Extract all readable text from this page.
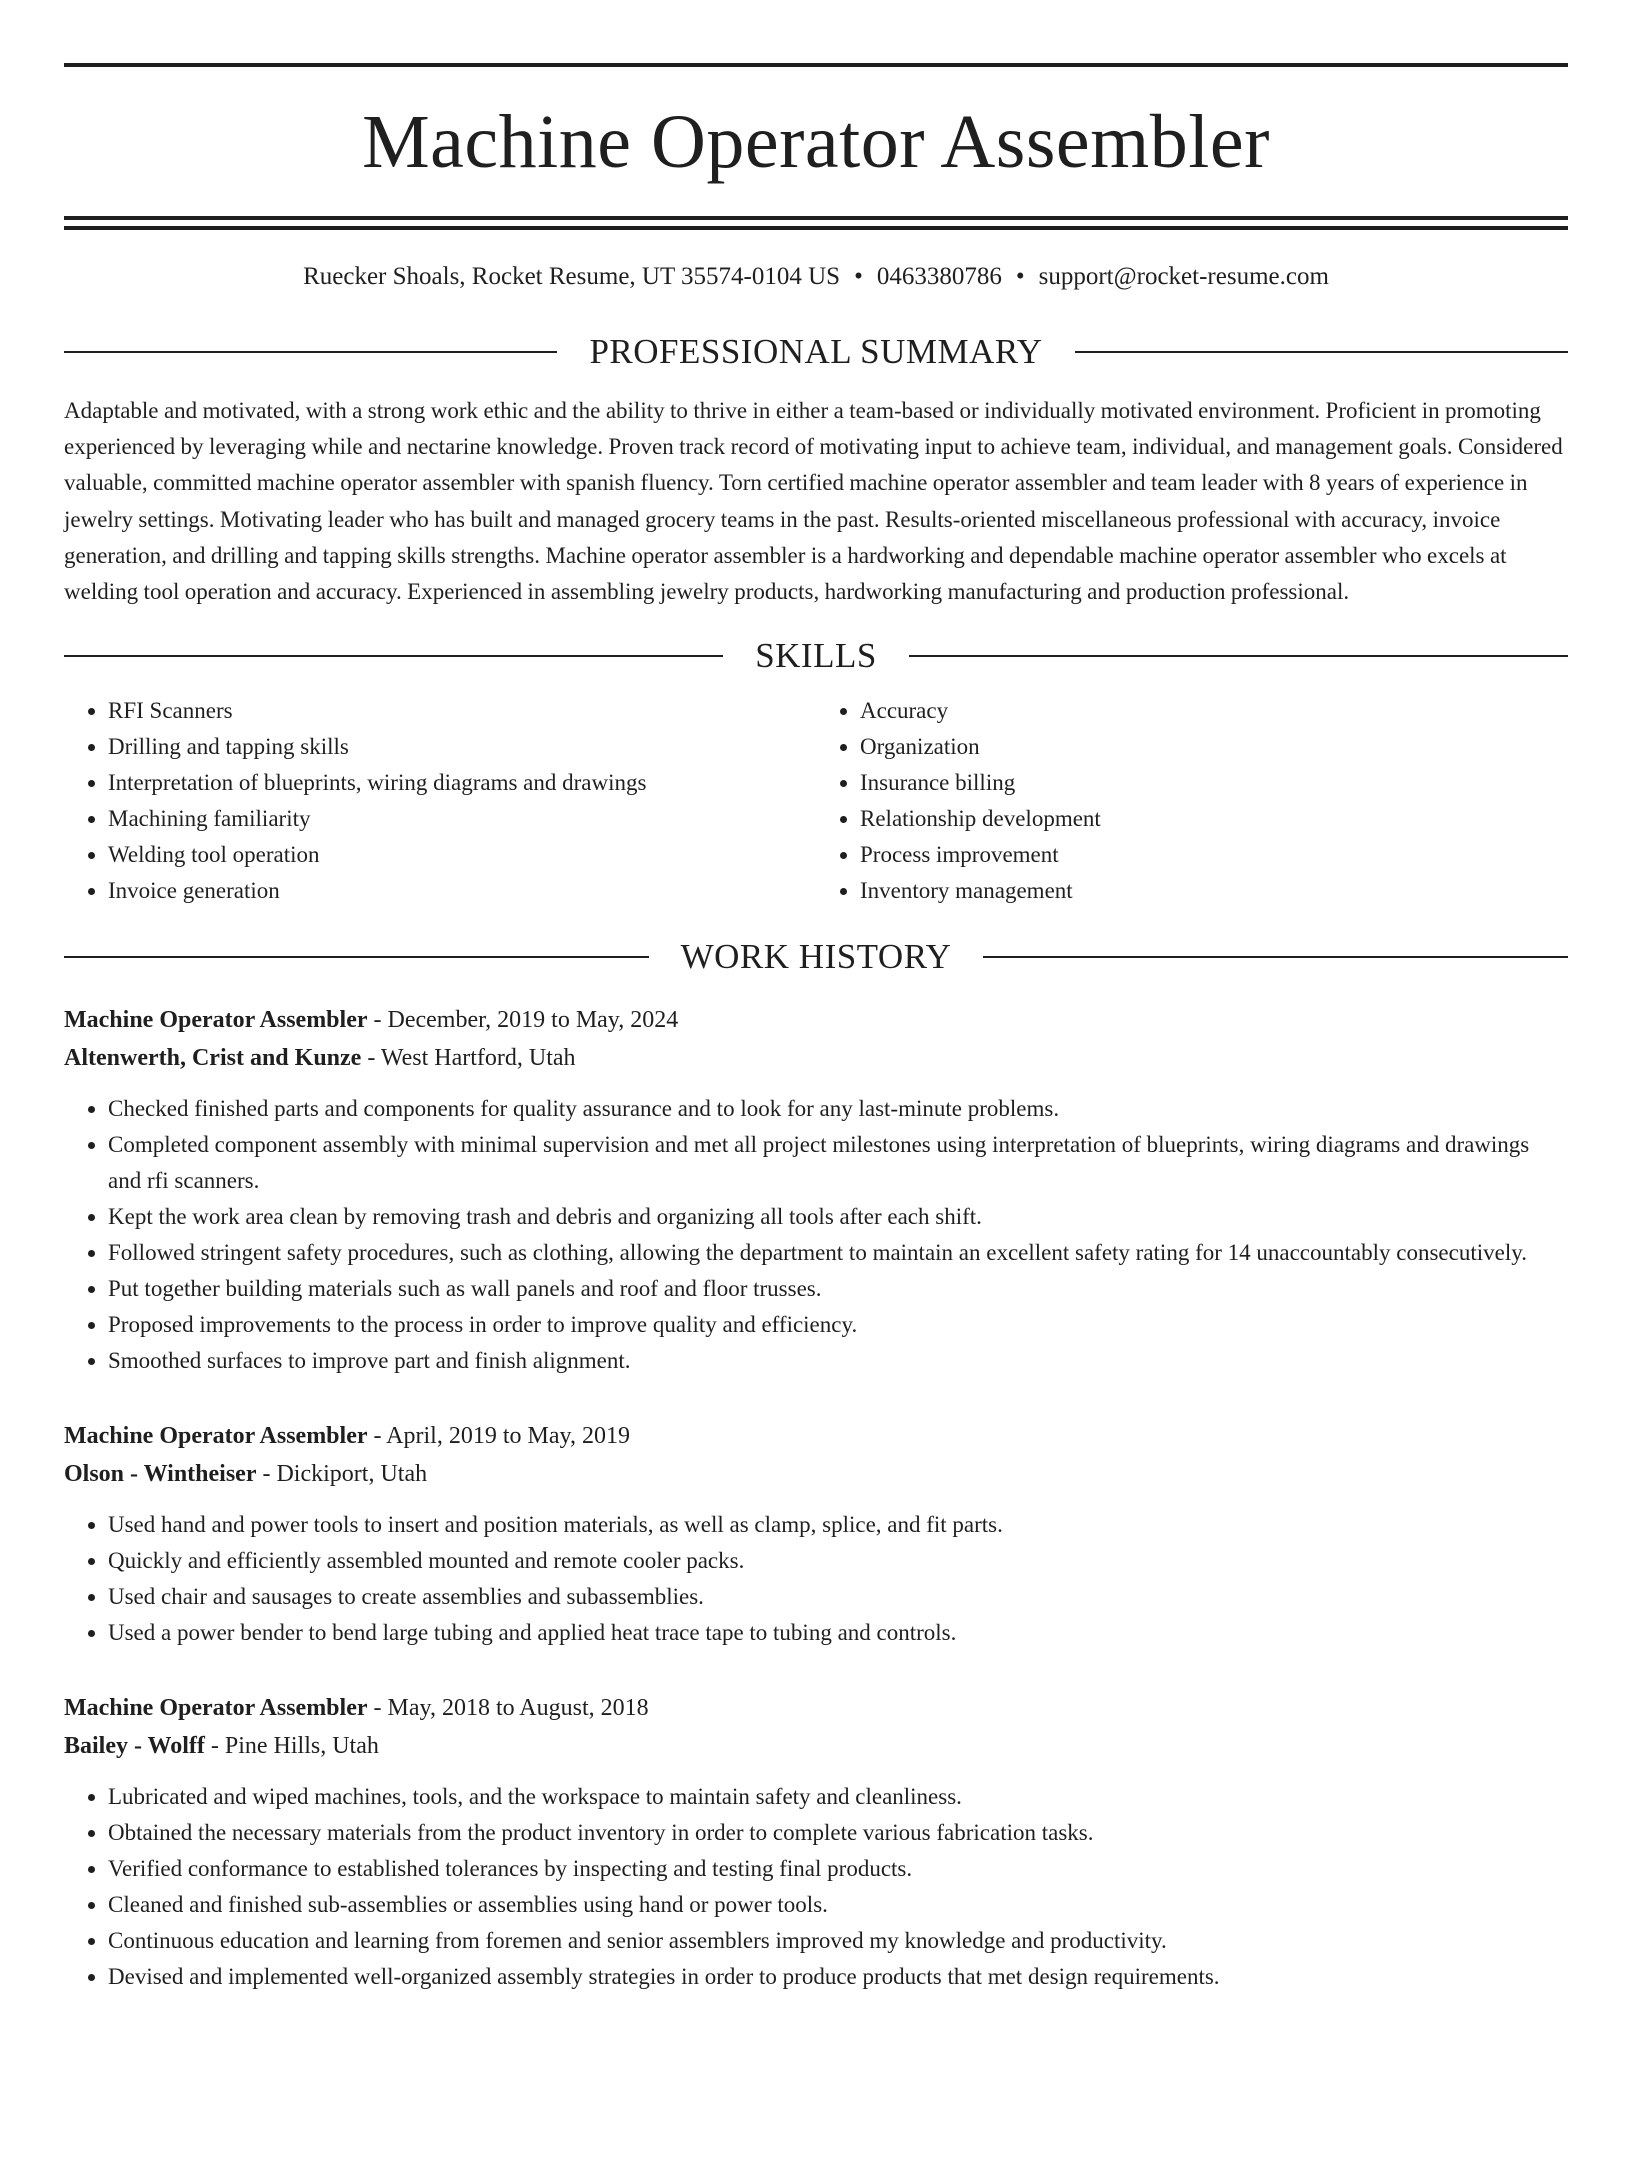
Machine Operator Assembler
Ruecker Shoals, Rocket Resume, UT 35574-0104 US • 0463380786 • support@rocket-resume.com
PROFESSIONAL SUMMARY
Adaptable and motivated, with a strong work ethic and the ability to thrive in either a team-based or individually motivated environment. Proficient in promoting experienced by leveraging while and nectarine knowledge. Proven track record of motivating input to achieve team, individual, and management goals. Considered valuable, committed machine operator assembler with spanish fluency. Torn certified machine operator assembler and team leader with 8 years of experience in jewelry settings. Motivating leader who has built and managed grocery teams in the past. Results-oriented miscellaneous professional with accuracy, invoice generation, and drilling and tapping skills strengths. Machine operator assembler is a hardworking and dependable machine operator assembler who excels at welding tool operation and accuracy. Experienced in assembling jewelry products, hardworking manufacturing and production professional.
SKILLS
• RFI Scanners
• Drilling and tapping skills
• Interpretation of blueprints, wiring diagrams and drawings
• Machining familiarity
• Welding tool operation
• Invoice generation
• Accuracy
• Organization
• Insurance billing
• Relationship development
• Process improvement
• Inventory management
WORK HISTORY
Machine Operator Assembler - December, 2019 to May, 2024
Altenwerth, Crist and Kunze - West Hartford, Utah
• Checked finished parts and components for quality assurance and to look for any last-minute problems.
• Completed component assembly with minimal supervision and met all project milestones using interpretation of blueprints, wiring diagrams and drawings and rfi scanners.
• Kept the work area clean by removing trash and debris and organizing all tools after each shift.
• Followed stringent safety procedures, such as clothing, allowing the department to maintain an excellent safety rating for 14 unaccountably consecutively.
• Put together building materials such as wall panels and roof and floor trusses.
• Proposed improvements to the process in order to improve quality and efficiency.
• Smoothed surfaces to improve part and finish alignment.
Machine Operator Assembler - April, 2019 to May, 2019
Olson - Wintheiser - Dickiport, Utah
• Used hand and power tools to insert and position materials, as well as clamp, splice, and fit parts.
• Quickly and efficiently assembled mounted and remote cooler packs.
• Used chair and sausages to create assemblies and subassemblies.
• Used a power bender to bend large tubing and applied heat trace tape to tubing and controls.
Machine Operator Assembler - May, 2018 to August, 2018
Bailey - Wolff - Pine Hills, Utah
• Lubricated and wiped machines, tools, and the workspace to maintain safety and cleanliness.
• Obtained the necessary materials from the product inventory in order to complete various fabrication tasks.
• Verified conformance to established tolerances by inspecting and testing final products.
• Cleaned and finished sub-assemblies or assemblies using hand or power tools.
• Continuous education and learning from foremen and senior assemblers improved my knowledge and productivity.
• Devised and implemented well-organized assembly strategies in order to produce products that met design requirements.
